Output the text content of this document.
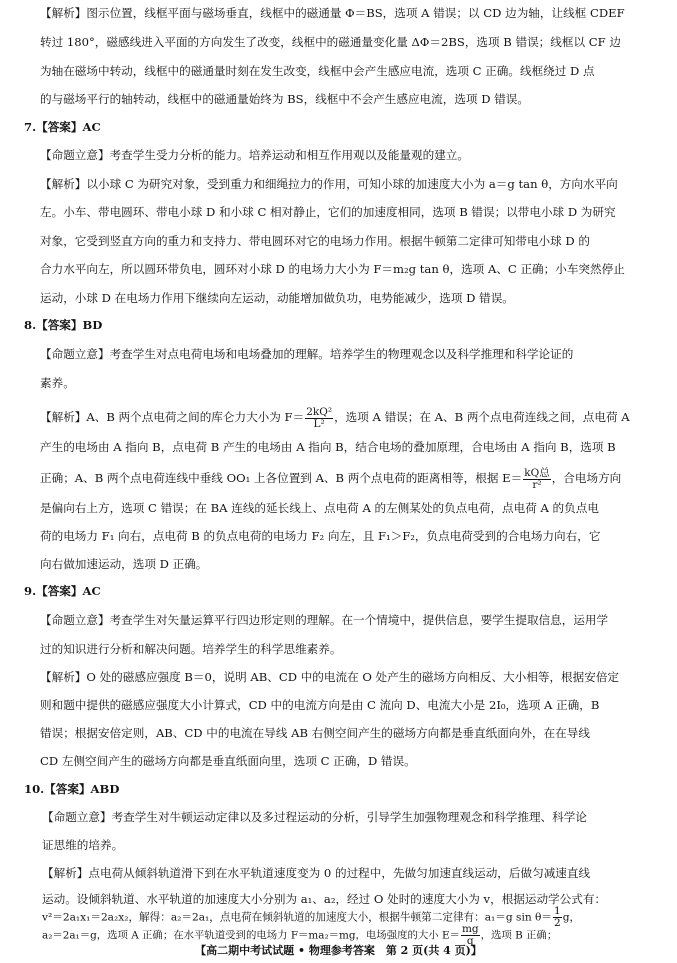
【解析】图示位置，线框平面与磁场垂直，线框中的磁通量 Φ＝BS，选项 A 错误；以 CD 边为轴，让线框 CDEF

转过 180°，磁感线进入平面的方向发生了改变，线框中的磁通量变化量 ΔΦ＝2BS，选项 B 错误；线框以 CF 边

为轴在磁场中转动，线框中的磁通量时刻在发生改变，线框中会产生感应电流，选项 C 正确。线框绕过 D 点

的与磁场平行的轴转动，线框中的磁通量始终为 BS，线框中不会产生感应电流，选项 D 错误。

7.【答案】AC

【命题立意】考查学生受力分析的能力。培养运动和相互作用观以及能量观的建立。

【解析】以小球 C 为研究对象，受到重力和细绳拉力的作用，可知小球的加速度大小为 a＝g tan θ，方向水平向

左。小车、带电圆环、带电小球 D 和小球 C 相对静止，它们的加速度相同，选项 B 错误；以带电小球 D 为研究

对象，它受到竖直方向的重力和支持力、带电圆环对它的电场力作用。根据牛顿第二定律可知带电小球 D 的

合力水平向左，所以圆环带负电，圆环对小球 D 的电场力大小为 F＝m₂g tan θ，选项 A、C 正确；小车突然停止

运动，小球 D 在电场力作用下继续向左运动，动能增加做负功，电势能减少，选项 D 错误。

8.【答案】BD

【命题立意】考查学生对点电荷电场和电场叠加的理解。培养学生的物理观念以及科学推理和科学论证的

素养。

【解析】A、B 两个点电荷之间的库仑力大小为 $F= \frac{\text{2kQ²}}{\text{L²}}$ ，选项 A 错误；在 A、B 两个点电荷连线之间，点电荷 A

产生的电场由 A 指向 B，点电荷 B 产生的电场由 A 指向 B，结合电场的叠加原理，合电场由 A 指向 B，选项 B

正确；A、B 两个点电荷连线中垂线 OO₁ 上各位置到 A、B 两个点电荷的距离相等，根据 $E= \frac{\text{kQ总}}{\text{r²}}$ ，合电场方向

是偏向右上方，选项 C 错误；在 BA 连线的延长线上、点电荷 A 的左侧某处的负点电荷，点电荷 A 的负点电

荷的电场力 F₁ 向右，点电荷 B 的负点电荷的电场力 F₂ 向左，且 F₁＞F₂，负点电荷受到的合电场力向右，它

向右做加速运动，选项 D 正确。

9.【答案】AC

【命题立意】考查学生对矢量运算平行四边形定则的理解。在一个情境中，提供信息，要学生提取信息，运用学

过的知识进行分析和解决问题。培养学生的科学思维素养。

【解析】O 处的磁感应强度 B＝0，说明 AB、CD 中的电流在 O 处产生的磁场方向相反、大小相等，根据安倍定

则和题中提供的磁感应强度大小计算式，CD 中的电流方向是由 C 流向 D、电流大小是 2I₀，选项 A 正确，B

错误；根据安倍定则，AB、CD 中的电流在导线 AB 右侧空间产生的磁场方向都是垂直纸面向外，在在导线

CD 左侧空间产生的磁场方向都是垂直纸面向里，选项 C 正确，D 错误。

10.【答案】ABD

【命题立意】考查学生对牛顿运动定律以及多过程运动的分析，引导学生加强物理观念和科学推理、科学论

证思维的培养。

【解析】点电荷从倾斜轨道滑下到在水平轨道速度变为 0 的过程中，先做匀加速直线运动，后做匀减速直线

运动。设倾斜轨道、水平轨道的加速度大小分别为 a₁、a₂，经过 O 处时的速度大小为 v，根据运动学公式有：

v²＝2a₁x₁＝2a₂x₂，解得：a₂＝2a₁，点电荷在倾斜轨道的加速度大小，根据牛顿第二定律有：a₁＝g $\sin \theta= \frac{1}{2}$ g，

【高二期中考试试题 • 物理参考答案　第 2 页(共 4 页)】
a₂＝2a₁＝g，选项 A 正确；在水平轨道受到的电场力 F＝ma₂＝mg，电场强度的大小 $E= \frac{mg}{q}$ ，选项 B 正确；
